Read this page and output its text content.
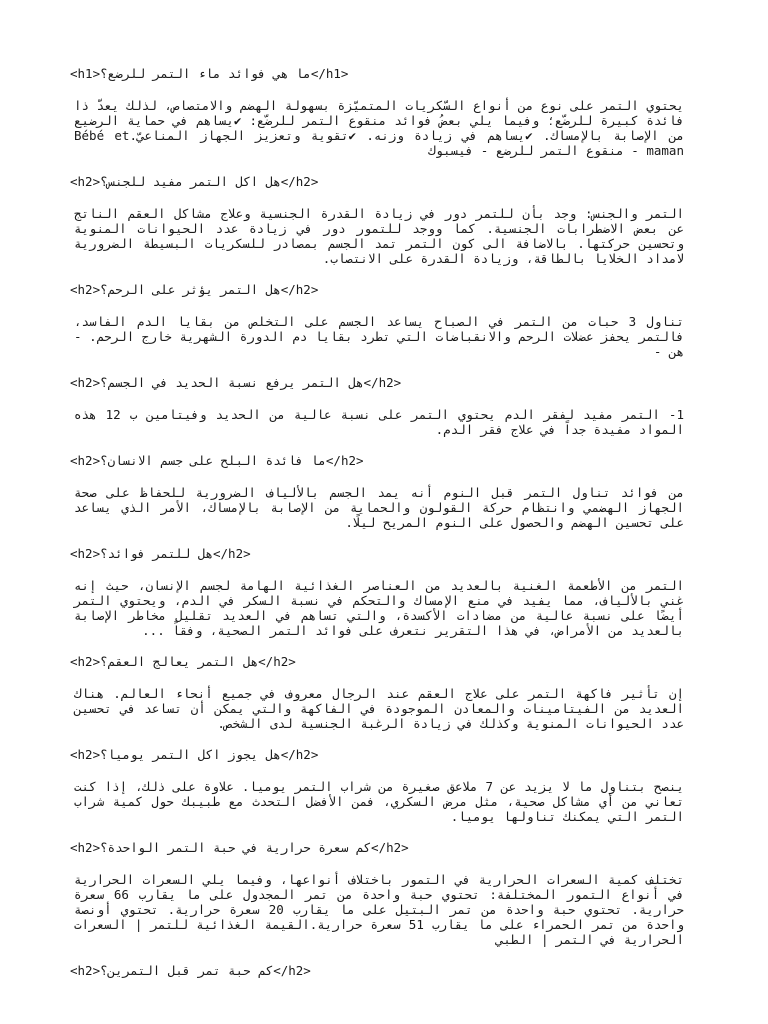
<h1>ما هي فوائد ماء التمر للرضع؟</h1>
يحتوي التمر على نوع من أنواع السّكريات المتميّزة بسهولة الهضم والامتصاص، لذلك يعدّ ذا فائدة كبيرة للرضّع؛ وفيما يلي بعضُ فوائد منقوع التمر للرضّع: ✔يساهم في حماية الرضيع من الإصابة بالإمساك. ✔يساهم في زيادة وزنه. ✔تقوية وتعزيز الجهاز المناعيّ.Bébé et maman - منقوع التمر للرضع - فيسبوك
<h2>هل اكل التمر مفيد للجنس؟</h2>
التمر والجنس: وجد بأن للتمر دور في زيادة القدرة الجنسية وعلاج مشاكل العقم الناتج عن بعض الاضطرابات الجنسية. كما ووجد للتمور دور في زيادة عدد الحيوانات المنوية وتحسين حركتها. بالاضافة الى كون التمر تمد الجسم بمصادر للسكريات البسيطة الضرورية لامداد الخلايا بالطاقة، وزيادة القدرة على الانتصاب.
<h2>هل التمر يؤثر على الرحم؟</h2>
تناول 3 حبات من التمر في الصباح يساعد الجسم على التخلص من بقايا الدم الفاسد، فالتمر يحفز عضلات الرحم والانقباضات التي تطرد بقايا دم الدورة الشهرية خارج الرحم. - هن -
<h2>هل التمر يرفع نسبة الحديد في الجسم؟</h2>
1- التمر مفيد لفقر الدم يحتوي التمر على نسبة عالية من الحديد وفيتامين ب 12 هذه المواد مفيدة جداً في علاج فقر الدم.
<h2>ما فائدة البلح على جسم الانسان؟</h2>
من فوائد تناول التمر قبل النوم أنه يمد الجسم بالألياف الضرورية للحفاظ على صحة الجهاز الهضمي وانتظام حركة القولون والحماية من الإصابة بالإمساك، الأمر الذي يساعد على تحسين الهضم والحصول على النوم المريح ليلًا.
<h2>هل للتمر فوائد؟</h2>
التمر من الأطعمة الغنية بالعديد من العناصر الغذائية الهامة لجسم الإنسان، حيث إنه غني بالألياف، مما يفيد في منع الإمساك والتحكم في نسبة السكر في الدم، ويحتوي التمر أيضًا على نسبة عالية من مضادات الأكسدة، والتي تساهم في العديد تقليل مخاطر الإصابة بالعديد من الأمراض، في هذا التقرير نتعرف على فوائد التمر الصحية، وفقاً ...
<h2>هل التمر يعالج العقم؟</h2>
إن تأثير فاكهة التمر على علاج العقم عند الرجال معروف في جميع أنحاء العالم. هناك العديد من الفيتامينات والمعادن الموجودة في الفاكهة والتي يمكن أن تساعد في تحسين عدد الحيوانات المنوية وكذلك في زيادة الرغبة الجنسية لدى الشخص.
<h2>هل يجوز اكل التمر يوميا؟</h2>
ينصح بتناول ما لا يزيد عن 7 ملاعق صغيرة من شراب التمر يوميا. علاوة على ذلك، إذا كنت تعاني من أي مشاكل صحية، مثل مرض السكري، فمن الأفضل التحدث مع طبيبك حول كمية شراب التمر التي يمكنك تناولها يوميا.
<h2>كم سعرة حرارية في حبة التمر الواحدة؟</h2>
تختلف كمية السعرات الحرارية في التمور باختلاف أنواعها، وفيما يلي السعرات الحرارية في أنواع التمور المختلفة: تحتوي حبة واحدة من تمر المجدول على ما يقارب 66 سعرة حرارية. تحتوي حبة واحدة من تمر البتيل على ما يقارب 20 سعرة حرارية. تحتوي أونصة واحدة من تمر الحمراء على ما يقارب 51 سعرة حرارية.القيمة الغذائية للتمر | السعرات الحرارية في التمر | الطبي
<h2>كم حبة تمر قبل التمرين؟</h2>
